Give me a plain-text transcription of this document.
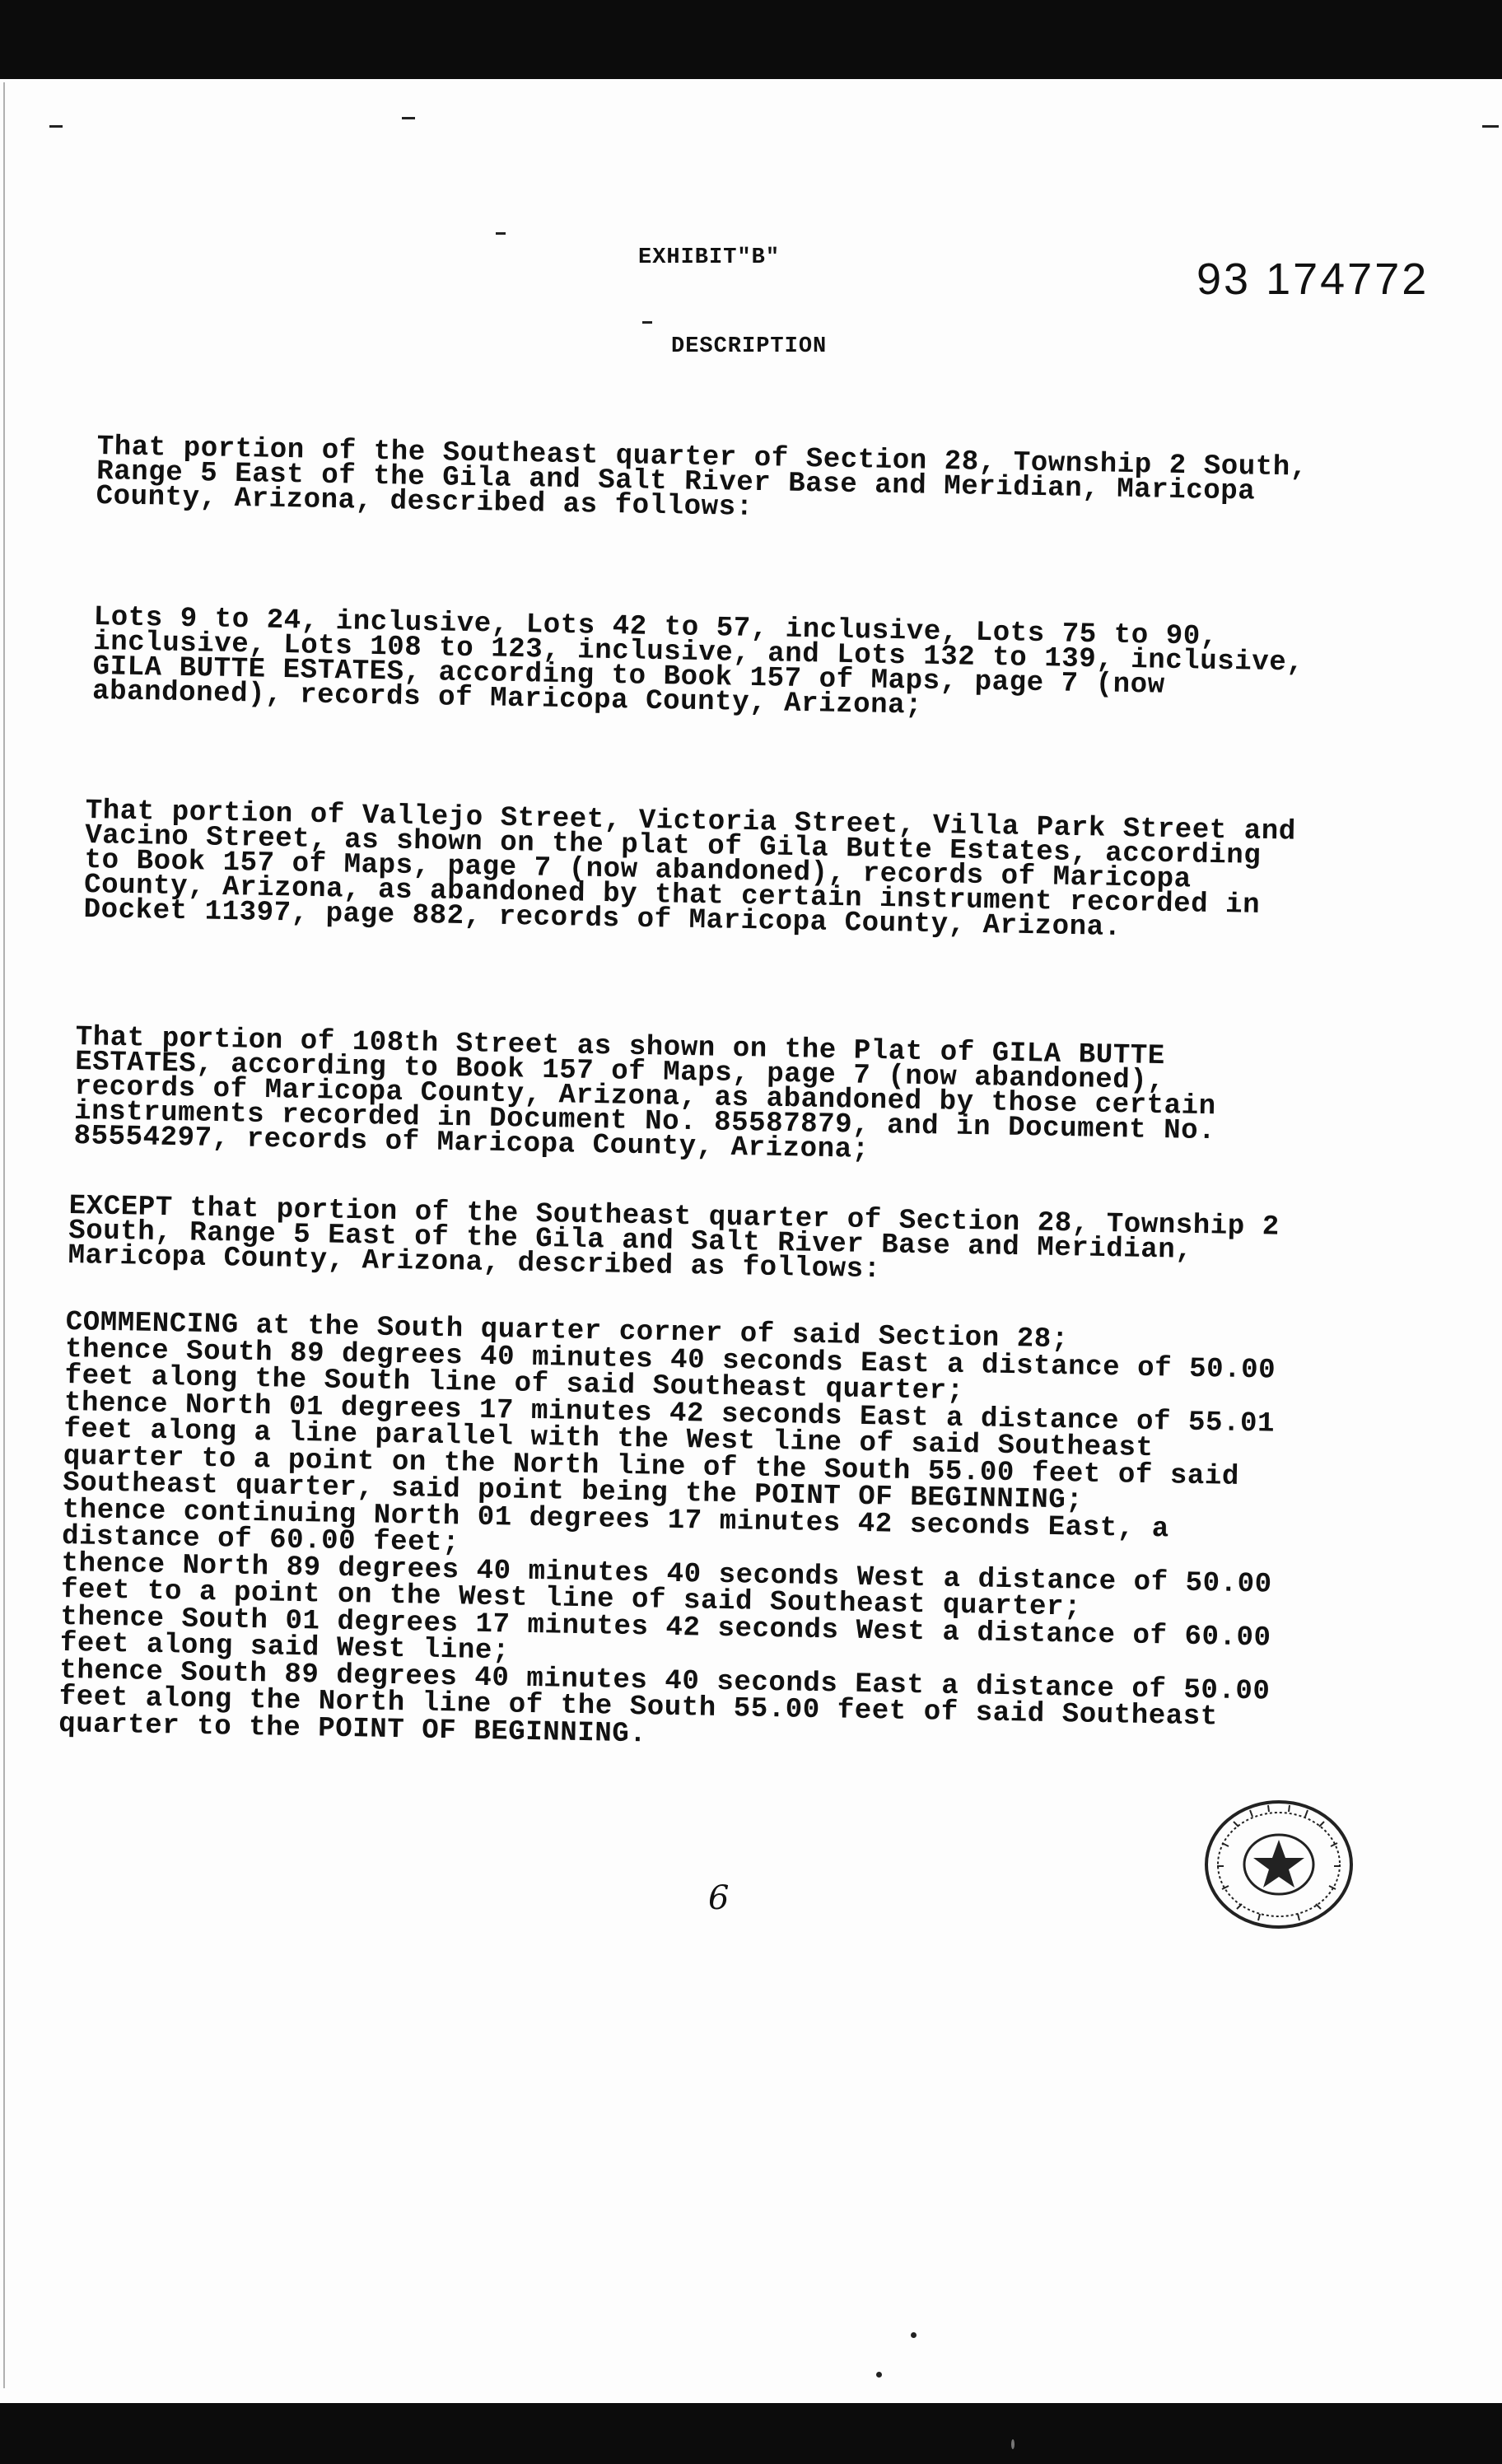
EXHIBIT"B"	93 174772
DESCRIPTION
That portion of the Southeast quarter of Section 28, Township 2 South,
Range 5 East of the Gila and Salt River Base and Meridian, Maricopa
County, Arizona, described as follows:
Lots 9 to 24, inclusive, Lots 42 to 57, inclusive, Lots 75 to 90,
inclusive, Lots 108 to 123, inclusive, and Lots 132 to 139, inclusive,
GILA BUTTE ESTATES, according to Book 157 of Maps, page 7 (now
abandoned), records of Maricopa County, Arizona;
That portion of Vallejo Street, Victoria Street, Villa Park Street and
Vacino Street, as shown on the plat of Gila Butte Estates, according
to Book 157 of Maps, page 7 (now abandoned), records of Maricopa
County, Arizona, as abandoned by that certain instrument recorded in
Docket 11397, page 882, records of Maricopa County, Arizona.
That portion of 108th Street as shown on the Plat of GILA BUTTE
ESTATES, according to Book 157 of Maps, page 7 (now abandoned),
records of Maricopa County, Arizona, as abandoned by those certain
instruments recorded in Document No. 85587879, and in Document No.
85554297, records of Maricopa County, Arizona;
EXCEPT that portion of the Southeast quarter of Section 28, Township 2
South, Range 5 East of the Gila and Salt River Base and Meridian,
Maricopa County, Arizona, described as follows:
COMMENCING at the South quarter corner of said Section 28;
thence South 89 degrees 40 minutes 40 seconds East a distance of 50.00
feet along the South line of said Southeast quarter;
thence North 01 degrees 17 minutes 42 seconds East a distance of 55.01
feet along a line parallel with the West line of said Southeast
quarter to a point on the North line of the South 55.00 feet of said
Southeast quarter, said point being the POINT OF BEGINNING;
thence continuing North 01 degrees 17 minutes 42 seconds East, a
distance of 60.00 feet;
thence North 89 degrees 40 minutes 40 seconds West a distance of 50.00
feet to a point on the West line of said Southeast quarter;
thence South 01 degrees 17 minutes 42 seconds West a distance of 60.00
feet along said West line;
thence South 89 degrees 40 minutes 40 seconds East a distance of 50.00
feet along the North line of the South 55.00 feet of said Southeast
quarter to the POINT OF BEGINNING.
6
